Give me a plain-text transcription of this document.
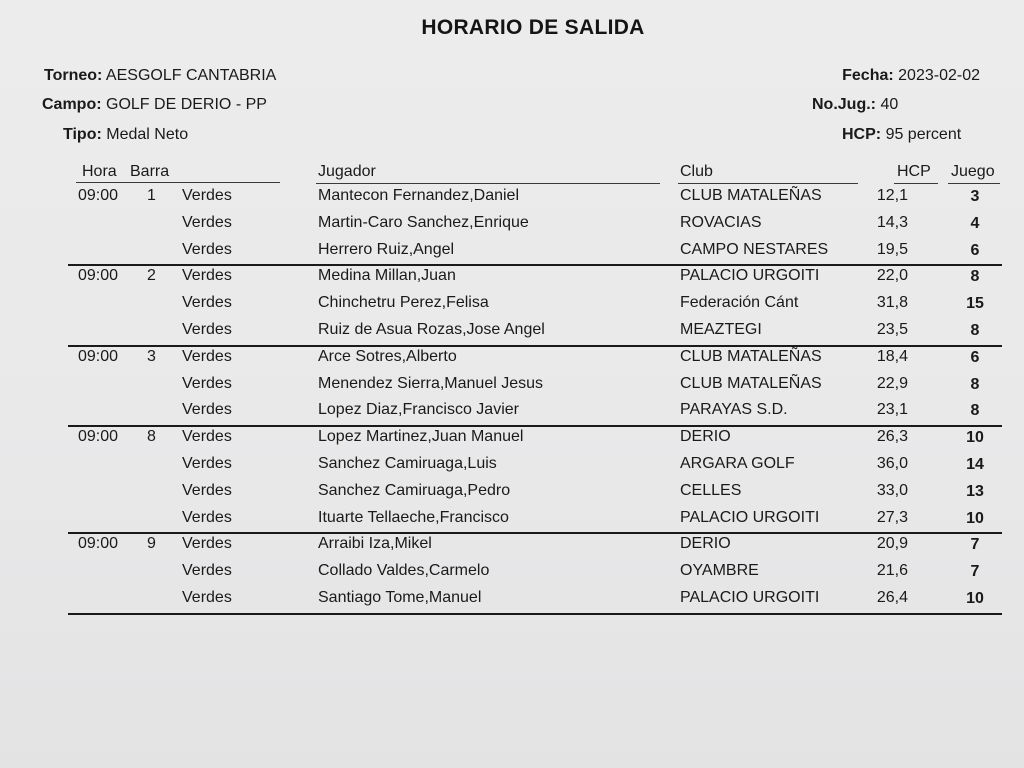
HORARIO DE SALIDA
Torneo: AESGOLF CANTABRIA
Campo: GOLF DE DERIO - PP
Tipo: Medal Neto
Fecha: 2023-02-02
No.Jug.: 40
HCP: 95 percent
Hora Barra	Jugador	Club	HCP Juego
09:00 1 Verdes	Mantecon Fernandez,Daniel	CLUB MATALEÑAS	12,1	3
Verdes	Martin-Caro Sanchez,Enrique	ROVACIAS	14,3	4
Verdes	Herrero Ruiz,Angel	CAMPO NESTARES	19,5	6
09:00 2 Verdes	Medina Millan,Juan	PALACIO URGOITI	22,0	8
Verdes	Chinchetru Perez,Felisa	Federación Cánt	31,8	15
Verdes	Ruiz de Asua Rozas,Jose Angel	MEAZTEGI	23,5	8
09:00 3 Verdes	Arce Sotres,Alberto	CLUB MATALEÑAS	18,4	6
Verdes	Menendez Sierra,Manuel Jesus	CLUB MATALEÑAS	22,9	8
Verdes	Lopez Diaz,Francisco Javier	PARAYAS S.D.	23,1	8
09:00 8 Verdes	Lopez Martinez,Juan Manuel	DERIO	26,3	10
Verdes	Sanchez Camiruaga,Luis	ARGARA GOLF	36,0	14
Verdes	Sanchez Camiruaga,Pedro	CELLES	33,0	13
Verdes	Ituarte Tellaeche,Francisco	PALACIO URGOITI	27,3	10
09:00 9 Verdes	Arraibi Iza,Mikel	DERIO	20,9	7
Verdes	Collado Valdes,Carmelo	OYAMBRE	21,6	7
Verdes	Santiago Tome,Manuel	PALACIO URGOITI	26,4	10
